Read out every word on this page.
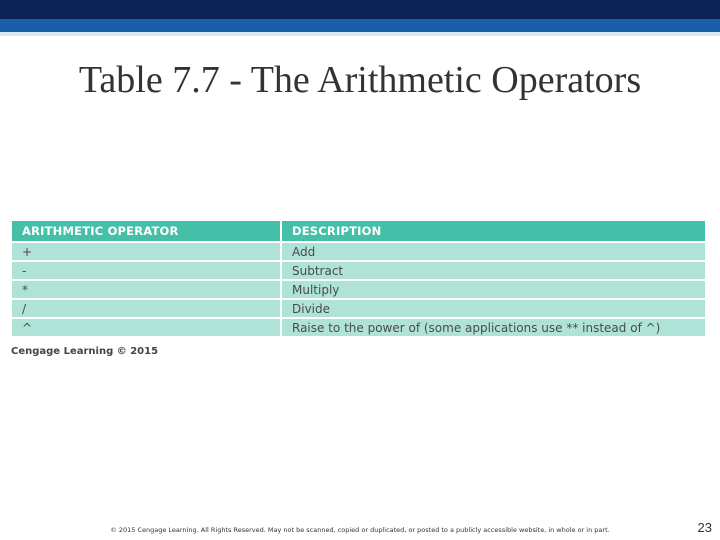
Table 7.7 - The Arithmetic Operators
ARITHMETIC OPERATOR	DESCRIPTION
+	Add
-	Subtract
*	Multiply
/	Divide
^	Raise to the power of (some applications use ** instead of ^)
Cengage Learning © 2015
© 2015 Cengage Learning. All Rights Reserved. May not be scanned, copied or duplicated, or posted to a publicly accessible website, in whole or in part.	23
